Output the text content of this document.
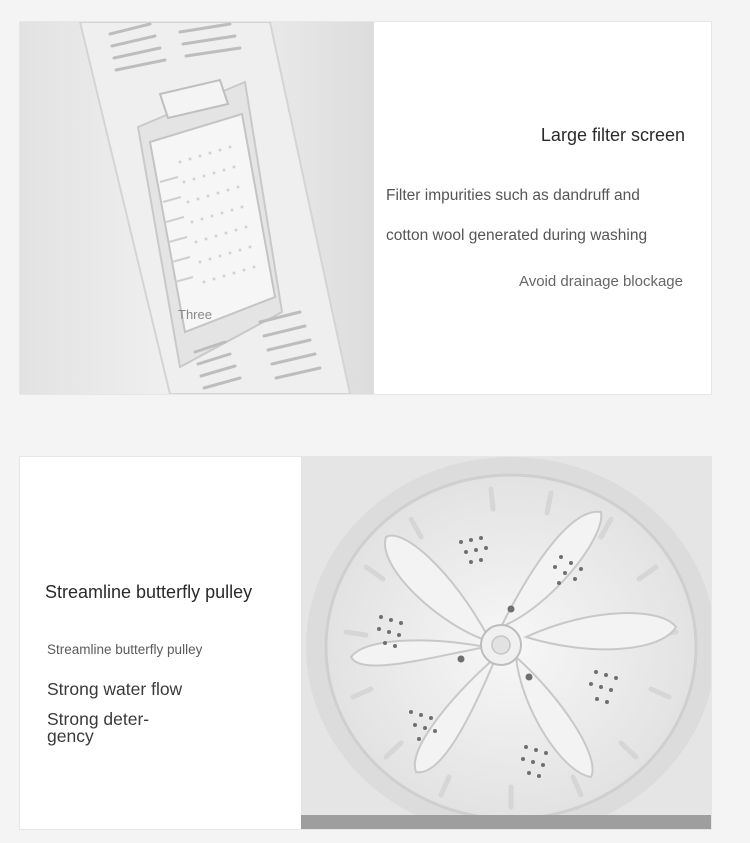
Three
Large filter screen
Filter impurities such as dandruff and
cotton wool generated during washing
Avoid drainage blockage
Streamline butterfly pulley
Streamline butterfly pulley
Strong water flow
Strong deter-
gency
